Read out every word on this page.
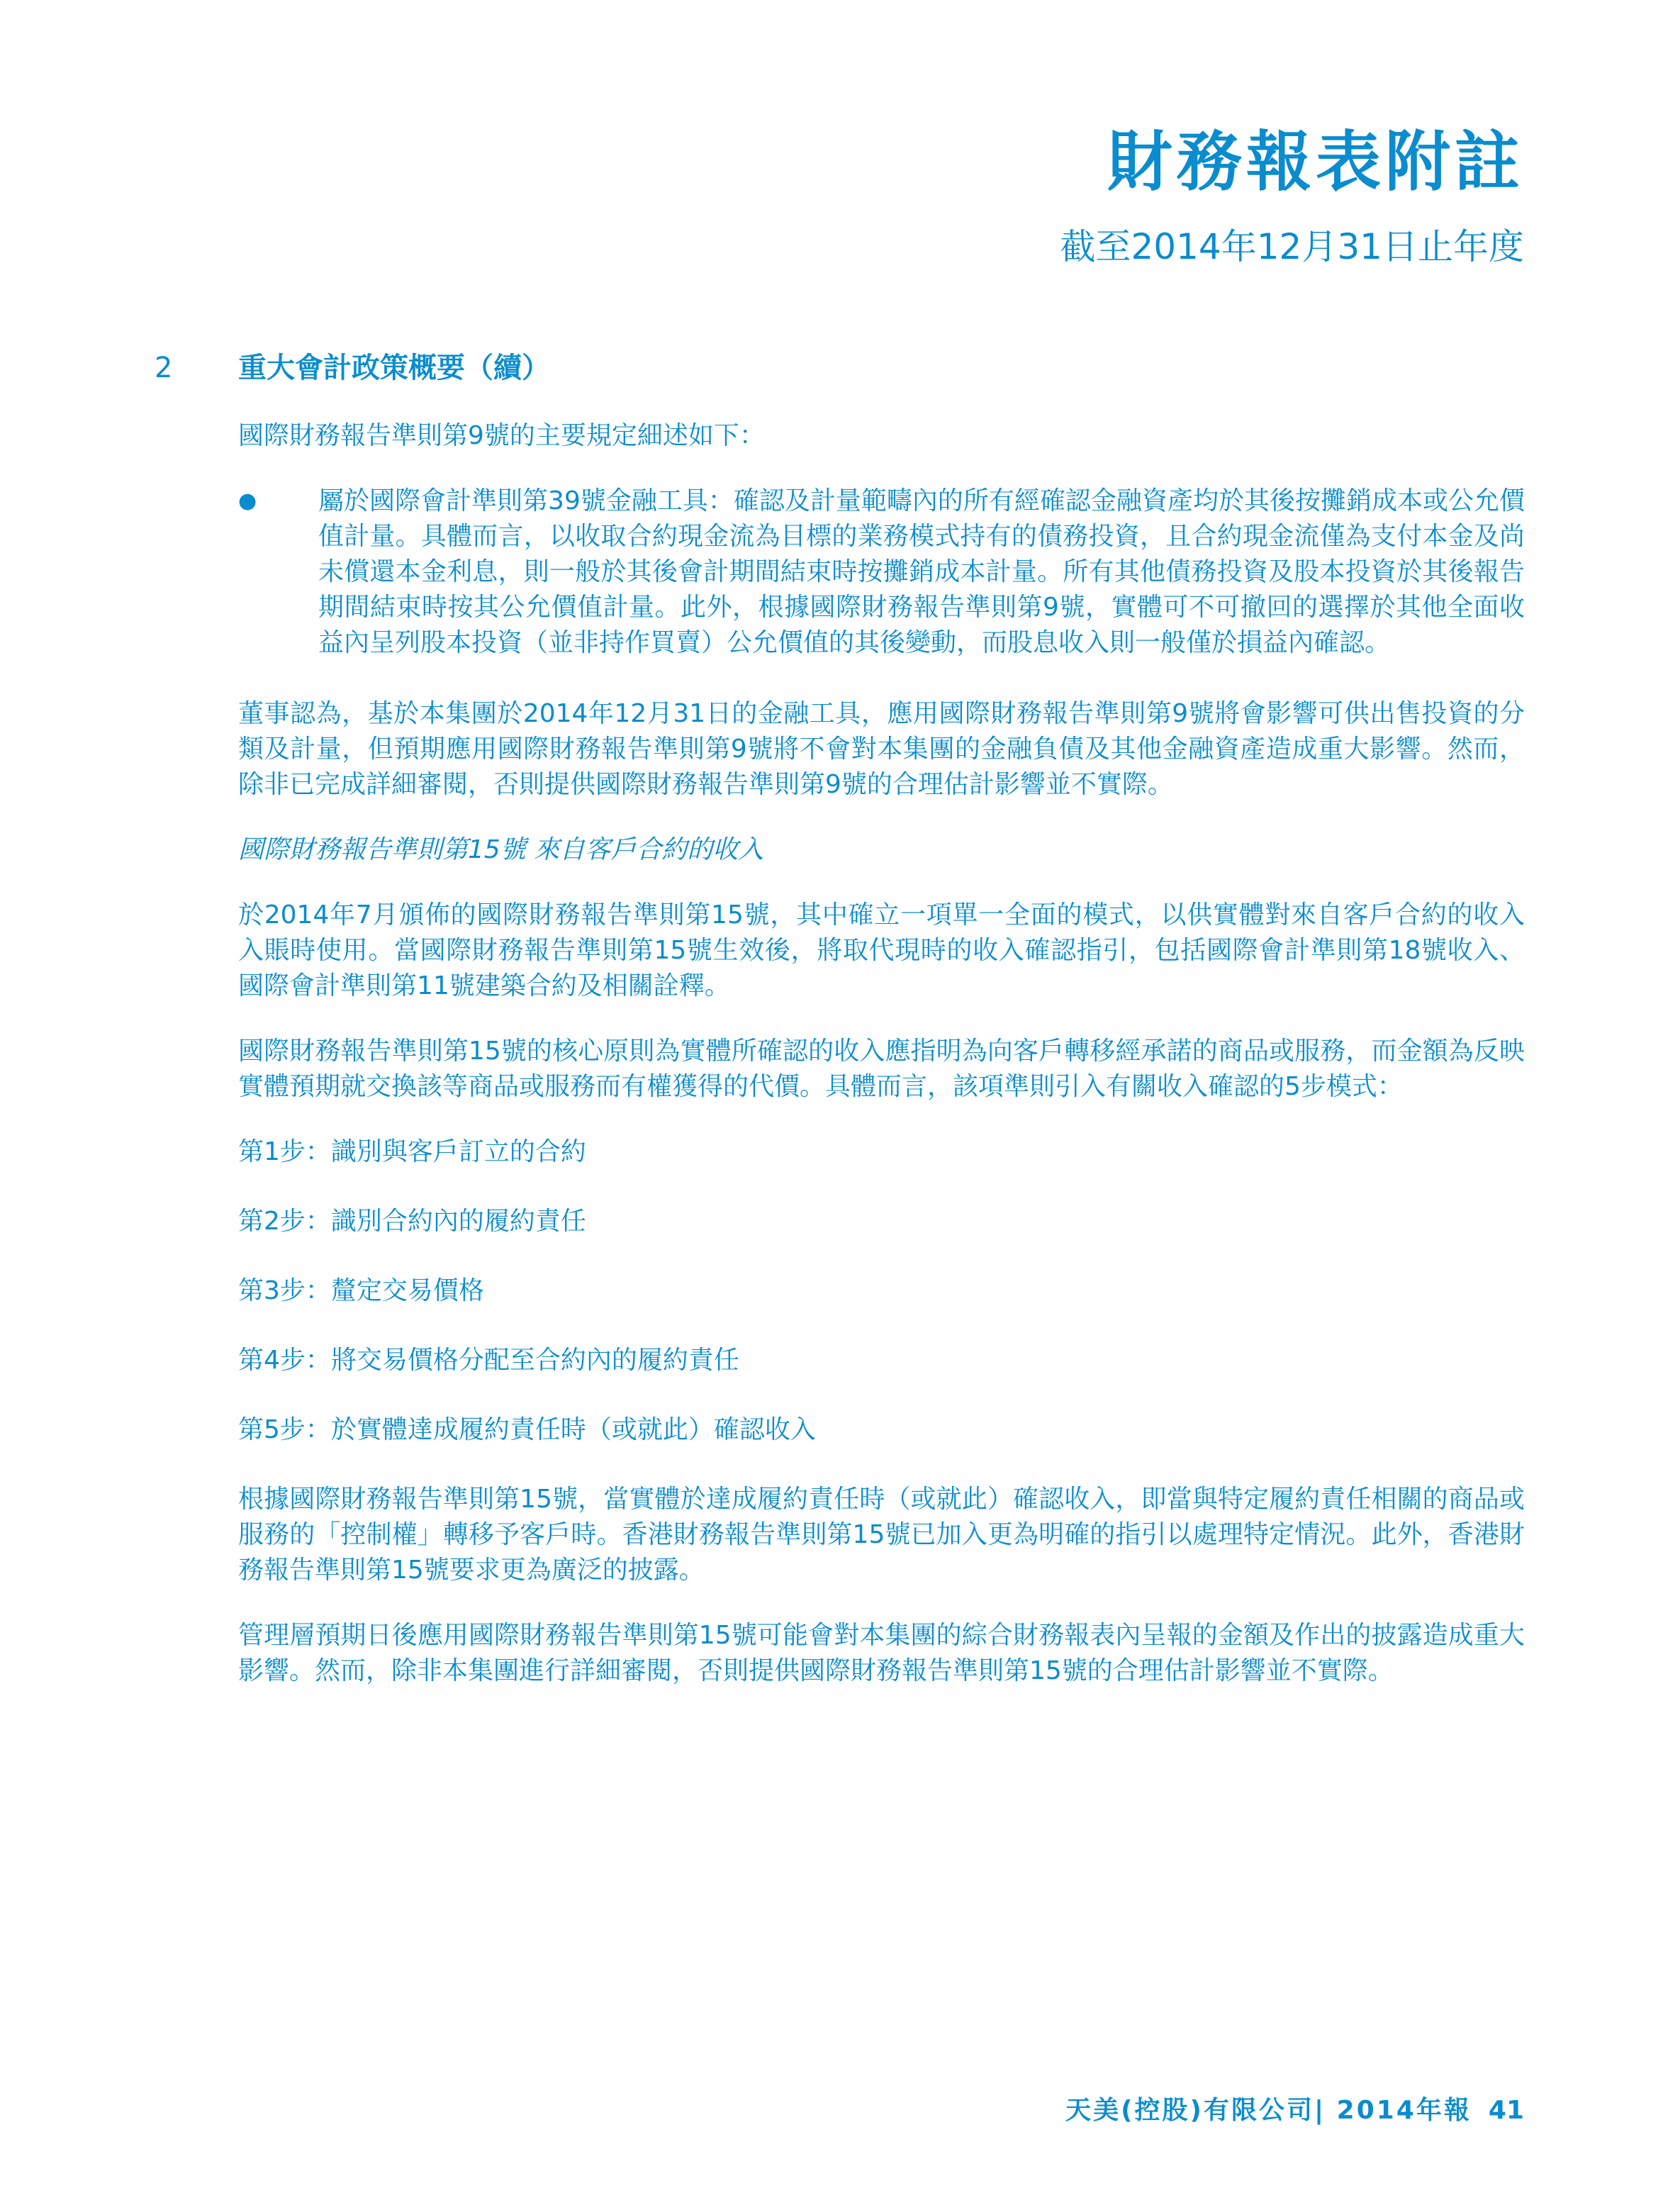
財務報表附註
截至2014年12月31日止年度
2 重大會計政策概要（續）

國際財務報告準則第9號的主要規定細述如下：

●	屬於國際會計準則第39號金融工具：確認及計量範疇內的所有經確認金融資產均於其後按攤銷成本或公允價值計量。具體而言，以收取合約現金流為目標的業務模式持有的債務投資，且合約現金流僅為支付本金及尚未償還本金利息，則一般於其後會計期間結束時按攤銷成本計量。所有其他債務投資及股本投資於其後報告期間結束時按其公允價值計量。此外，根據國際財務報告準則第9號，實體可不可撤回的選擇於其他全面收益內呈列股本投資（並非持作買賣）公允價值的其後變動，而股息收入則一般僅於損益內確認。

董事認為，基於本集團於2014年12月31日的金融工具，應用國際財務報告準則第9號將會影響可供出售投資的分類及計量，但預期應用國際財務報告準則第9號將不會對本集團的金融負債及其他金融資產造成重大影響。然而，除非已完成詳細審閱，否則提供國際財務報告準則第9號的合理估計影響並不實際。

國際財務報告準則第15號 來自客戶合約的收入

於2014年7月頒佈的國際財務報告準則第15號，其中確立一項單一全面的模式，以供實體對來自客戶合約的收入入賬時使用。當國際財務報告準則第15號生效後，將取代現時的收入確認指引，包括國際會計準則第18號收入、國際會計準則第11號建築合約及相關詮釋。

國際財務報告準則第15號的核心原則為實體所確認的收入應指明為向客戶轉移經承諾的商品或服務，而金額為反映實體預期就交換該等商品或服務而有權獲得的代價。具體而言，該項準則引入有關收入確認的5步模式：

第1步：識別與客戶訂立的合約
第2步：識別合約內的履約責任
第3步：釐定交易價格
第4步：將交易價格分配至合約內的履約責任
第5步：於實體達成履約責任時（或就此）確認收入

根據國際財務報告準則第15號，當實體於達成履約責任時（或就此）確認收入，即當與特定履約責任相關的商品或服務的「控制權」轉移予客戶時。香港財務報告準則第15號已加入更為明確的指引以處理特定情況。此外，香港財務報告準則第15號要求更為廣泛的披露。

管理層預期日後應用國際財務報告準則第15號可能會對本集團的綜合財務報表內呈報的金額及作出的披露造成重大影響。然而，除非本集團進行詳細審閱，否則提供國際財務報告準則第15號的合理估計影響並不實際。

天美(控股)有限公司| 2014年報 41
